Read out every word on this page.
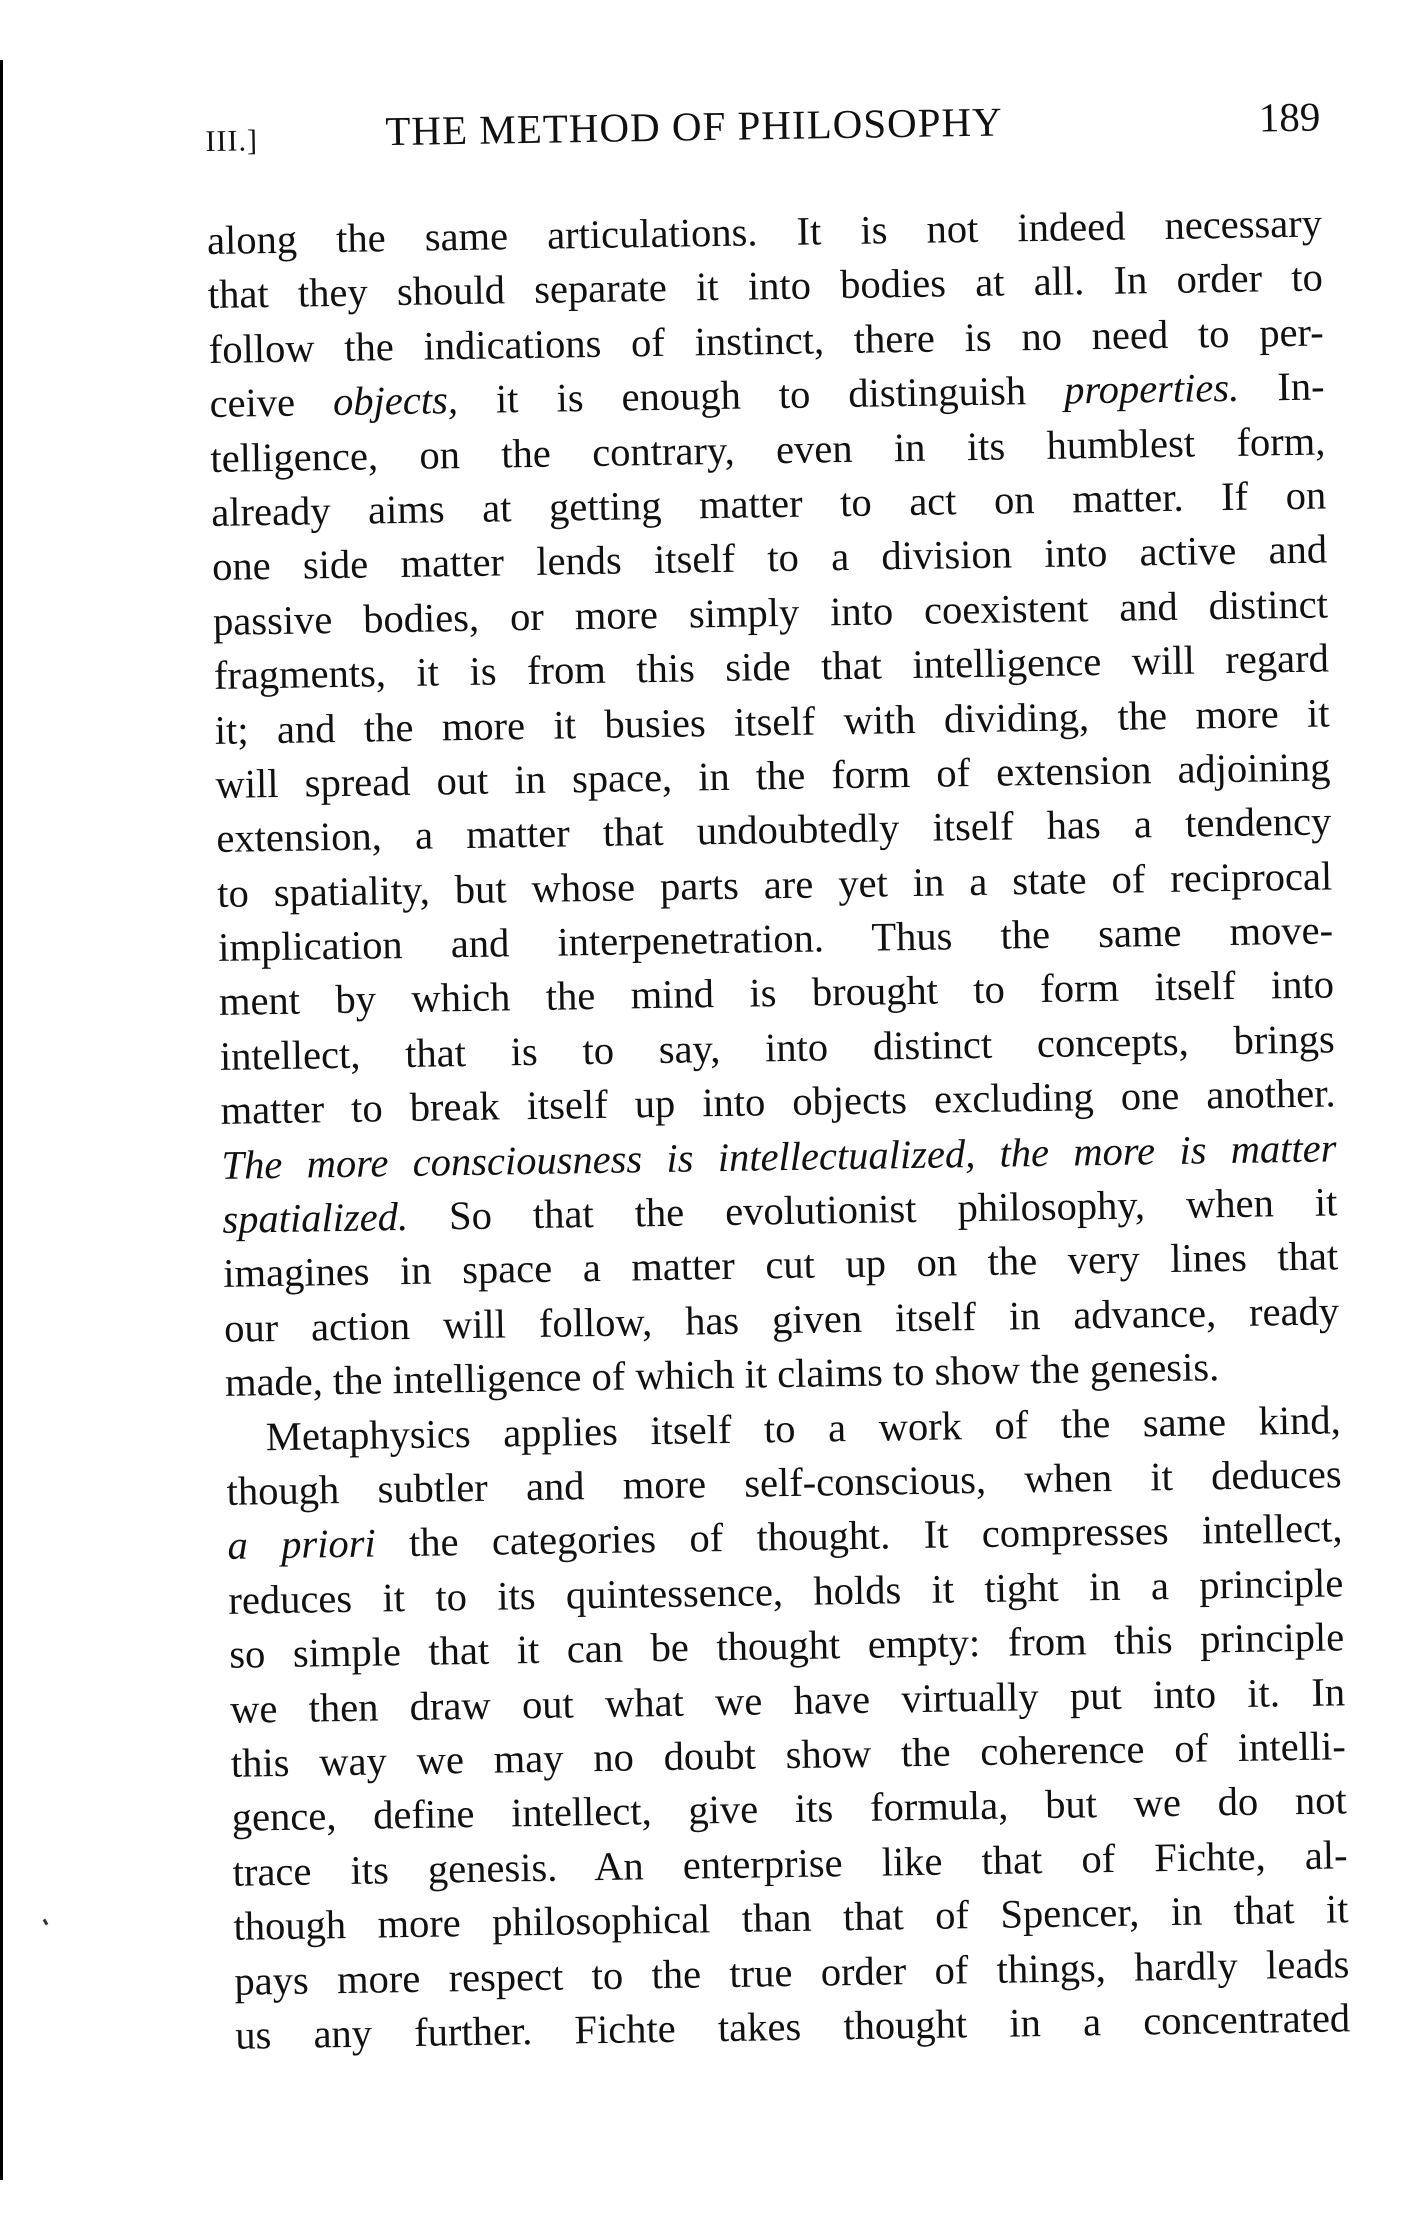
III.]	THE METHOD OF PHILOSOPHY	189
along the same articulations. It is not indeed necessary
that they should separate it into bodies at all. In order to
follow the indications of instinct, there is no need to per-
ceive objects, it is enough to distinguish properties. In-
telligence, on the contrary, even in its humblest form,
already aims at getting matter to act on matter. If on
one side matter lends itself to a division into active and
passive bodies, or more simply into coexistent and distinct
fragments, it is from this side that intelligence will regard
it; and the more it busies itself with dividing, the more it
will spread out in space, in the form of extension adjoining
extension, a matter that undoubtedly itself has a tendency
to spatiality, but whose parts are yet in a state of reciprocal
implication and interpenetration. Thus the same move-
ment by which the mind is brought to form itself into
intellect, that is to say, into distinct concepts, brings
matter to break itself up into objects excluding one another.
The more consciousness is intellectualized, the more is matter
spatialized. So that the evolutionist philosophy, when it
imagines in space a matter cut up on the very lines that
our action will follow, has given itself in advance, ready
made, the intelligence of which it claims to show the genesis.
Metaphysics applies itself to a work of the same kind,
though subtler and more self-conscious, when it deduces
a priori the categories of thought. It compresses intellect,
reduces it to its quintessence, holds it tight in a principle
so simple that it can be thought empty: from this principle
we then draw out what we have virtually put into it. In
this way we may no doubt show the coherence of intelli-
gence, define intellect, give its formula, but we do not
trace its genesis. An enterprise like that of Fichte, al-
though more philosophical than that of Spencer, in that it
pays more respect to the true order of things, hardly leads
us any further. Fichte takes thought in a concentrated
